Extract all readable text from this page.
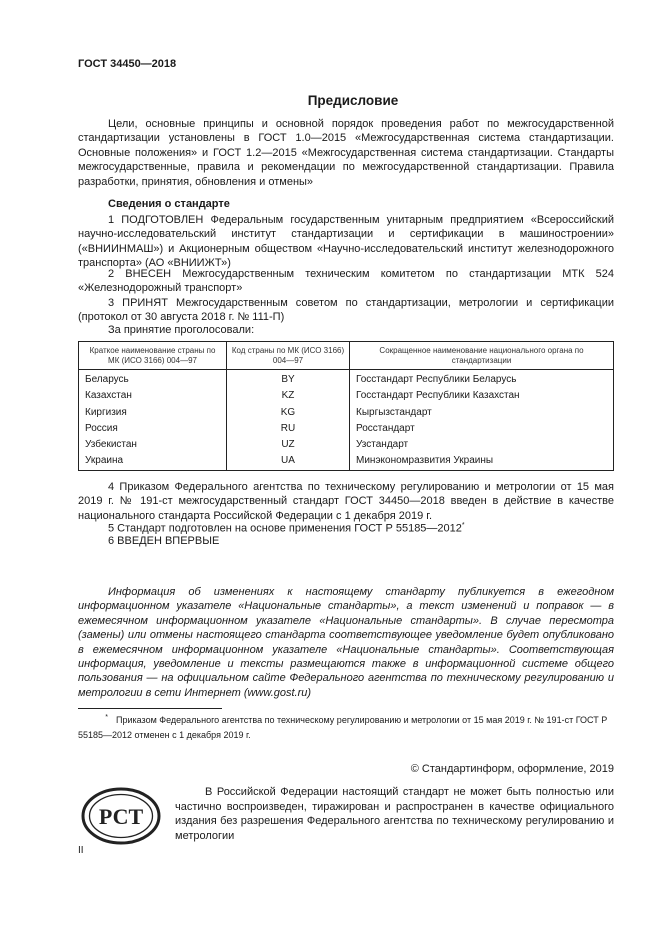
ГОСТ 34450—2018
Предисловие
Цели, основные принципы и основной порядок проведения работ по межгосударственной стандартизации установлены в ГОСТ 1.0—2015 «Межгосударственная система стандартизации. Основные положения» и ГОСТ 1.2—2015 «Межгосударственная система стандартизации. Стандарты межгосударственные, правила и рекомендации по межгосударственной стандартизации. Правила разработки, принятия, обновления и отмены»
Сведения о стандарте
1 ПОДГОТОВЛЕН Федеральным государственным унитарным предприятием «Всероссийский научно-исследовательский институт стандартизации и сертификации в машиностроении» («ВНИИНМАШ») и Акционерным обществом «Научно-исследовательский институт железнодорожного транспорта» (АО «ВНИИЖТ»)
2 ВНЕСЕН Межгосударственным техническим комитетом по стандартизации МТК 524 «Железнодорожный транспорт»
3 ПРИНЯТ Межгосударственным советом по стандартизации, метрологии и сертификации (протокол от 30 августа 2018 г. № 111-П)
За принятие проголосовали:
Краткое наименование страны по МК (ИСО 3166) 004—97	Код страны по МК (ИСО 3166) 004—97	Сокращенное наименование национального органа по стандартизации
Беларусь	BY	Госстандарт Республики Беларусь
Казахстан	KZ	Госстандарт Республики Казахстан
Киргизия	KG	Кыргызстандарт
Россия	RU	Росстандарт
Узбекистан	UZ	Узстандарт
Украина	UA	Минэкономразвития Украины
4 Приказом Федерального агентства по техническому регулированию и метрологии от 15 мая 2019 г. № 191-ст межгосударственный стандарт ГОСТ 34450—2018 введен в действие в качестве национального стандарта Российской Федерации с 1 декабря 2019 г.
5 Стандарт подготовлен на основе применения ГОСТ Р 55185—2012*
6 ВВЕДЕН ВПЕРВЫЕ
Информация об изменениях к настоящему стандарту публикуется в ежегодном информационном указателе «Национальные стандарты», а текст изменений и поправок — в ежемесячном информационном указателе «Национальные стандарты». В случае пересмотра (замены) или отмены настоящего стандарта соответствующее уведомление будет опубликовано в ежемесячном информационном указателе «Национальные стандарты». Соответствующая информация, уведомление и тексты размещаются также в информационной системе общего пользования — на официальном сайте Федерального агентства по техническому регулированию и метрологии в сети Интернет (www.gost.ru)
* Приказом Федерального агентства по техническому регулированию и метрологии от 15 мая 2019 г. № 191-ст ГОСТ Р 55185—2012 отменен с 1 декабря 2019 г.
© Стандартинформ, оформление, 2019
РСТ
В Российской Федерации настоящий стандарт не может быть полностью или частично воспроизведен, тиражирован и распространен в качестве официального издания без разрешения Федерального агентства по техническому регулированию и метрологии
II
